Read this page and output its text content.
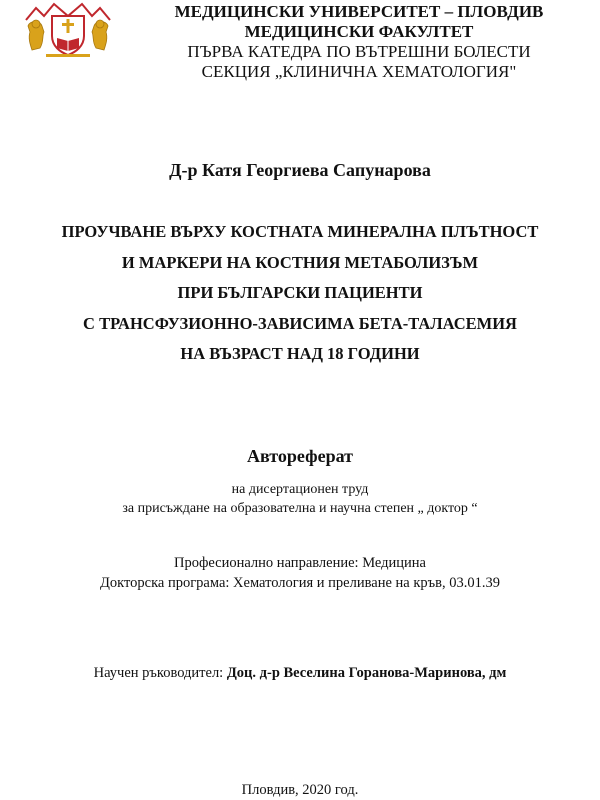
МЕДИЦИНСКИ УНИВЕРСИТЕТ – ПЛОВДИВ
МЕДИЦИНСКИ ФАКУЛТЕТ
ПЪРВА КАТЕДРА ПО ВЪТРЕШНИ БОЛЕСТИ
СЕКЦИЯ „КЛИНИЧНА ХЕМАТОЛОГИЯ"
Д-р Катя Георгиева Сапунарова
ПРОУЧВАНЕ ВЪРХУ КОСТНАТА МИНЕРАЛНА ПЛЪТНОСТ
И МАРКЕРИ НА КОСТНИЯ МЕТАБОЛИЗЪМ
ПРИ БЪЛГАРСКИ ПАЦИЕНТИ
С ТРАНСФУЗИОННО-ЗАВИСИМА БЕТА-ТАЛАСЕМИЯ
НА ВЪЗРАСТ НАД 18 ГОДИНИ
Автореферат
на дисертационен труд
за присъждане на образователна и научна степен „ доктор “
Професионално направление: Медицина
Докторска програма: Хематология и преливане на кръв, 03.01.39
Научен ръководител: Доц. д-р Веселина Горанова-Маринова, дм
Пловдив, 2020 год.
